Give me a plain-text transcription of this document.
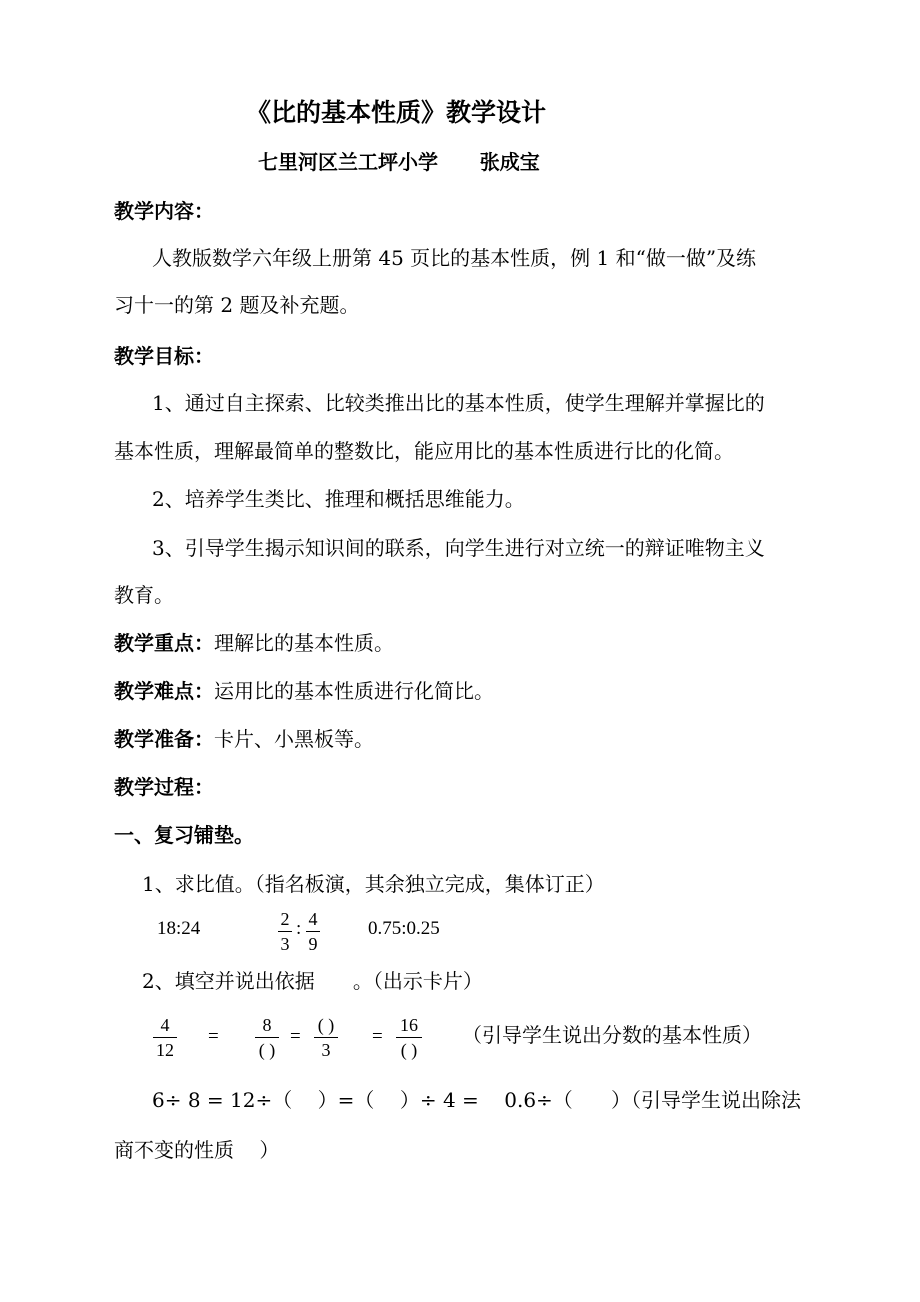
《比的基本性质》教学设计
七里河区兰工坪小学      张成宝
教学内容：
人教版数学六年级上册第 45 页比的基本性质，例 1 和“做一做”及练
习十一的第 2 题及补充题。
教学目标：
1、通过自主探索、比较类推出比的基本性质，使学生理解并掌握比的
基本性质，理解最简单的整数比，能应用比的基本性质进行比的化简。
2、培养学生类比、推理和概括思维能力。
3、引导学生揭示知识间的联系，向学生进行对立统一的辩证唯物主义
教育。
教学重点：理解比的基本性质。
教学难点：运用比的基本性质进行化简比。
教学准备：卡片、小黑板等。
教学过程：
一、复习铺垫。
1、求比值。（指名板演，其余独立完成，集体订正）
18:24	2
3
: 4
9
0.75:0.25
2、填空并说出依据      。（出示卡片）
4
12
=
8
( )
=
( )
3
=
16
( )
（引导学生说出分数的基本性质）
6÷ 8 = 12÷（    ）=（    ）÷ 4 =    0.6÷（      ）（引导学生说出除法
商不变的性质    ）
